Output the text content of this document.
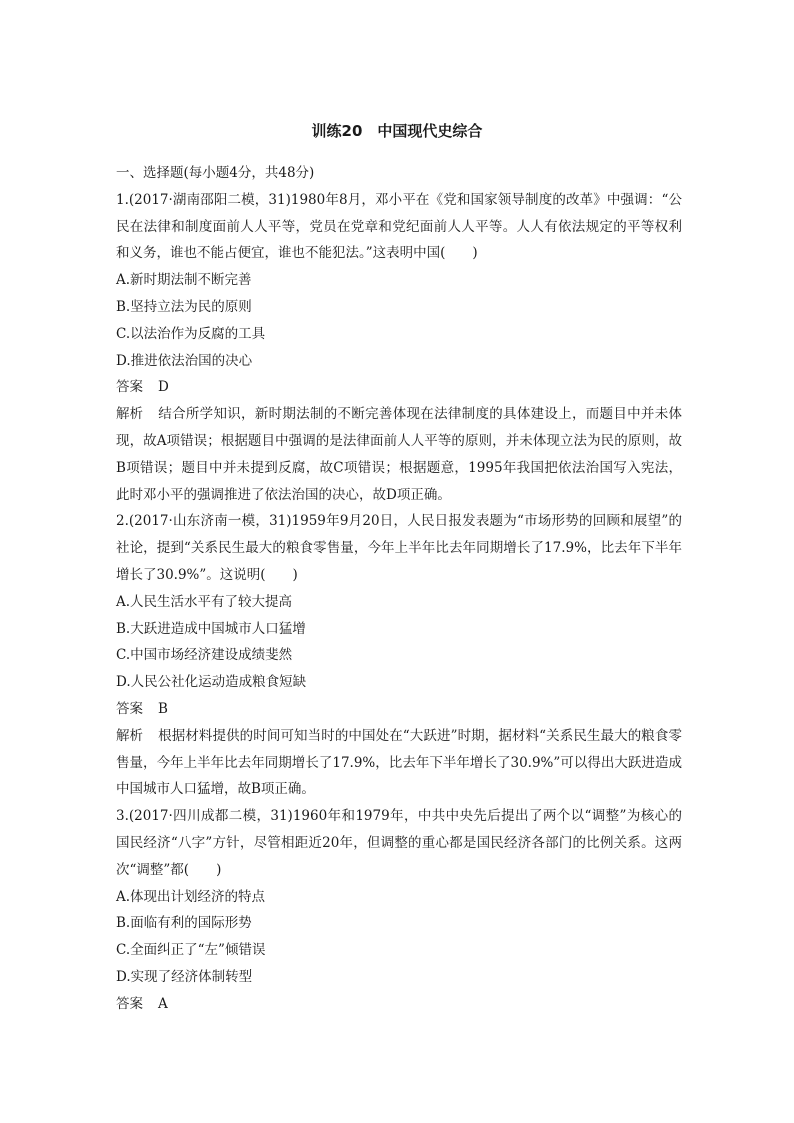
训练20　中国现代史综合

一、选择题(每小题4分，共48分)

1.(2017·湖南邵阳二模，31)1980年8月，邓小平在《党和国家领导制度的改革》中强调：“公民在法律和制度面前人人平等，党员在党章和党纪面前人人平等。人人有依法规定的平等权利和义务，谁也不能占便宜，谁也不能犯法。”这表明中国(　　)

A.新时期法制不断完善

B.坚持立法为民的原则

C.以法治作为反腐的工具

D.推进依法治国的决心

答案 D

解析 结合所学知识，新时期法制的不断完善体现在法律制度的具体建设上，而题目中并未体现，故A项错误；根据题目中强调的是法律面前人人平等的原则，并未体现立法为民的原则，故B项错误；题目中并未提到反腐，故C项错误；根据题意，1995年我国把依法治国写入宪法，此时邓小平的强调推进了依法治国的决心，故D项正确。

2.(2017·山东济南一模，31)1959年9月20日，人民日报发表题为“市场形势的回顾和展望”的社论，提到“关系民生最大的粮食零售量，今年上半年比去年同期增长了17.9%，比去年下半年增长了30.9%”。这说明(　　)

A.人民生活水平有了较大提高

B.大跃进造成中国城市人口猛增

C.中国市场经济建设成绩斐然

D.人民公社化运动造成粮食短缺

答案 B

解析 根据材料提供的时间可知当时的中国处在“大跃进”时期，据材料“关系民生最大的粮食零售量，今年上半年比去年同期增长了17.9%，比去年下半年增长了30.9%”可以得出大跃进造成中国城市人口猛增，故B项正确。

3.(2017·四川成都二模，31)1960年和1979年，中共中央先后提出了两个以“调整”为核心的国民经济“八字”方针，尽管相距近20年，但调整的重心都是国民经济各部门的比例关系。这两次“调整”都(　　)

A.体现出计划经济的特点

B.面临有利的国际形势

C.全面纠正了“左”倾错误

D.实现了经济体制转型

答案 A
